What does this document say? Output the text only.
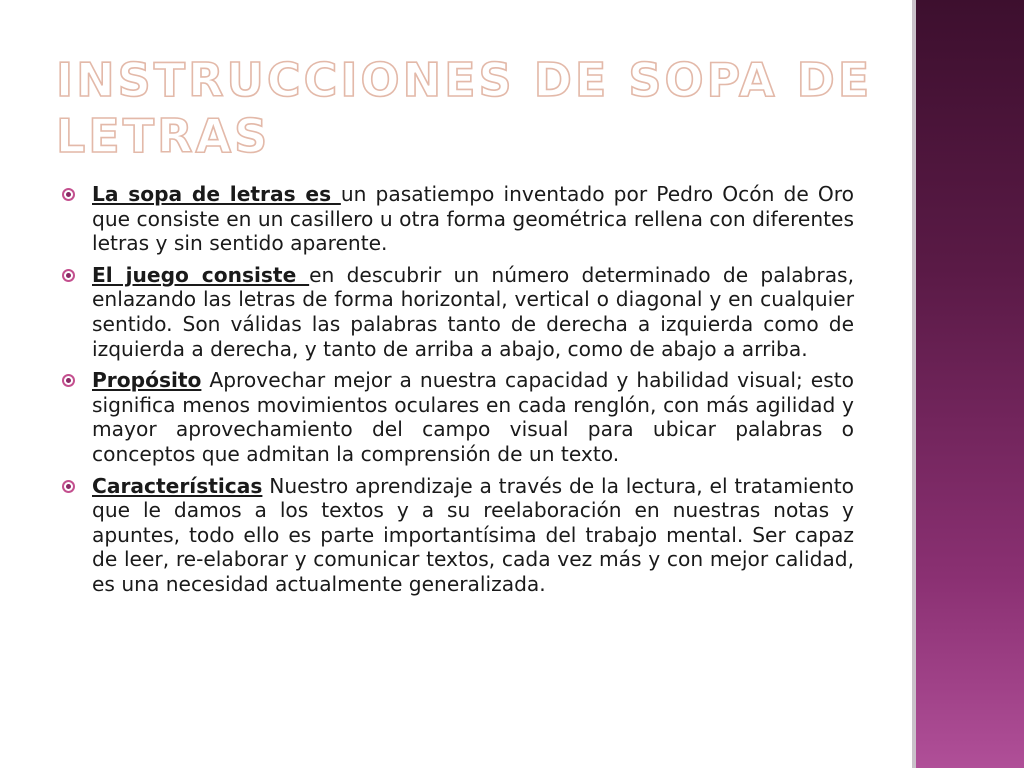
INSTRUCCIONES DE SOPA DE LETRAS
La sopa de letras es un pasatiempo inventado por Pedro Ocón de Oro que consiste en un casillero u otra forma geométrica rellena con diferentes letras y sin sentido aparente.
El juego consiste en descubrir un número determinado de palabras, enlazando las letras de forma horizontal, vertical o diagonal y en cualquier sentido. Son válidas las palabras tanto de derecha a izquierda como de izquierda a derecha, y tanto de arriba a abajo, como de abajo a arriba.
Propósito Aprovechar mejor a nuestra capacidad y habilidad visual; esto significa menos movimientos oculares en cada renglón, con más agilidad y mayor aprovechamiento del campo visual para ubicar palabras o conceptos que admitan la comprensión de un texto.
Características Nuestro aprendizaje a través de la lectura, el tratamiento que le damos a los textos y a su reelaboración en nuestras notas y apuntes, todo ello es parte importantísima del trabajo mental. Ser capaz de leer, re-elaborar y comunicar textos, cada vez más y con mejor calidad, es una necesidad actualmente generalizada.
